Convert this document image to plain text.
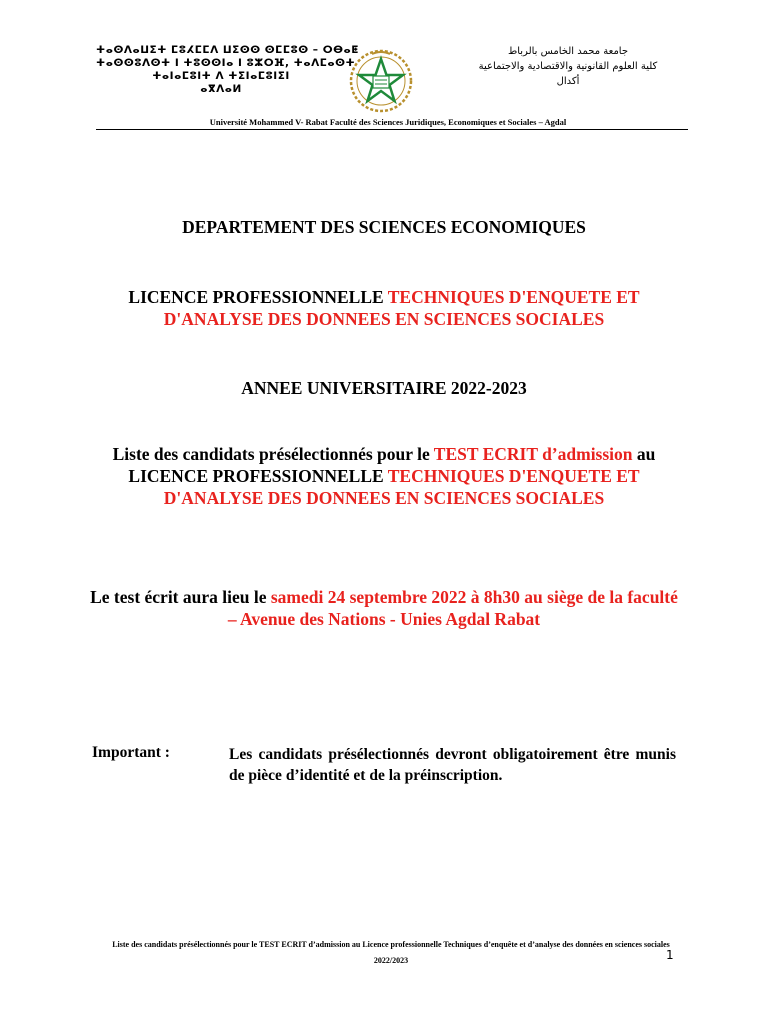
ⵜⴰⵙⴷⴰⵡⵉⵜ ⵎⵓⵃⵎⵎⴷ ⵡⵉⵙⵙ ⵙⵎⵎⵓⵙ – ⵔⴱⴰⵟ
ⵜⴰⵙⵙⵓⴷⵙⵜ ⵏ ⵜⵓⵙⵙⵏⴰ ⵏ ⵓⵣⵔⴼ, ⵜⴰⴷⵎⴰⵙⵜ
ⵜⴰⵏⴰⵎⵓⵏⵜ ⴷ ⵜⵉⵏⴰⵎⵓⵏⵉⵏ
ⴰⴳⴷⴰⵍ
جامعة محمد الخامس بالرباط
كلية العلوم القانونية والاقتصادية والاجتماعية
أكدال
Université Mohammed V- Rabat Faculté des Sciences Juridiques, Economiques et Sociales – Agdal
DEPARTEMENT DES SCIENCES ECONOMIQUES
LICENCE PROFESSIONNELLE TECHNIQUES D'ENQUETE ET D'ANALYSE DES DONNEES EN SCIENCES SOCIALES
ANNEE UNIVERSITAIRE 2022-2023
Liste des candidats présélectionnés pour le TEST ECRIT d’admission au LICENCE PROFESSIONNELLE TECHNIQUES D'ENQUETE ET D'ANALYSE DES DONNEES EN SCIENCES SOCIALES
Le test écrit aura lieu le samedi 24 septembre 2022 à 8h30 au siège de la faculté – Avenue des Nations - Unies Agdal Rabat
Important :	Les candidats présélectionnés devront obligatoirement être munis de pièce d’identité et de la préinscription.
Liste des candidats présélectionnés pour le TEST ECRIT d’admission au Licence professionnelle Techniques d’enquête et d’analyse des données en sciences sociales 2022/2023	1
